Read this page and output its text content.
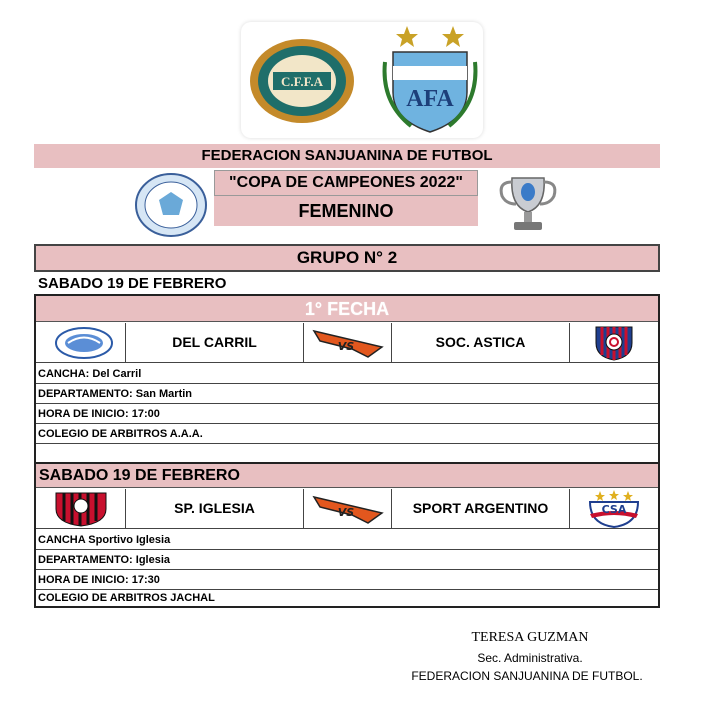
C.F.F.A
AFA
FEDERACION SANJUANINA DE FUTBOL
"COPA DE CAMPEONES 2022"
FEMENINO
GRUPO N° 2
SABADO 19 DE FEBRERO
1° FECHA
DEL CARRIL	VS	SOC. ASTICA
CANCHA: Del Carril
DEPARTAMENTO: San Martin
HORA DE INICIO: 17:00
COLEGIO DE ARBITROS A.A.A.
SABADO 19 DE FEBRERO
SP. IGLESIA	VS	SPORT ARGENTINO	CSA
CANCHA Sportivo Iglesia
DEPARTAMENTO: Iglesia
HORA DE INICIO: 17:30
COLEGIO DE ARBITROS JACHAL
TERESA GUZMAN
Sec. Administrativa.
FEDERACION SANJUANINA DE FUTBOL.
